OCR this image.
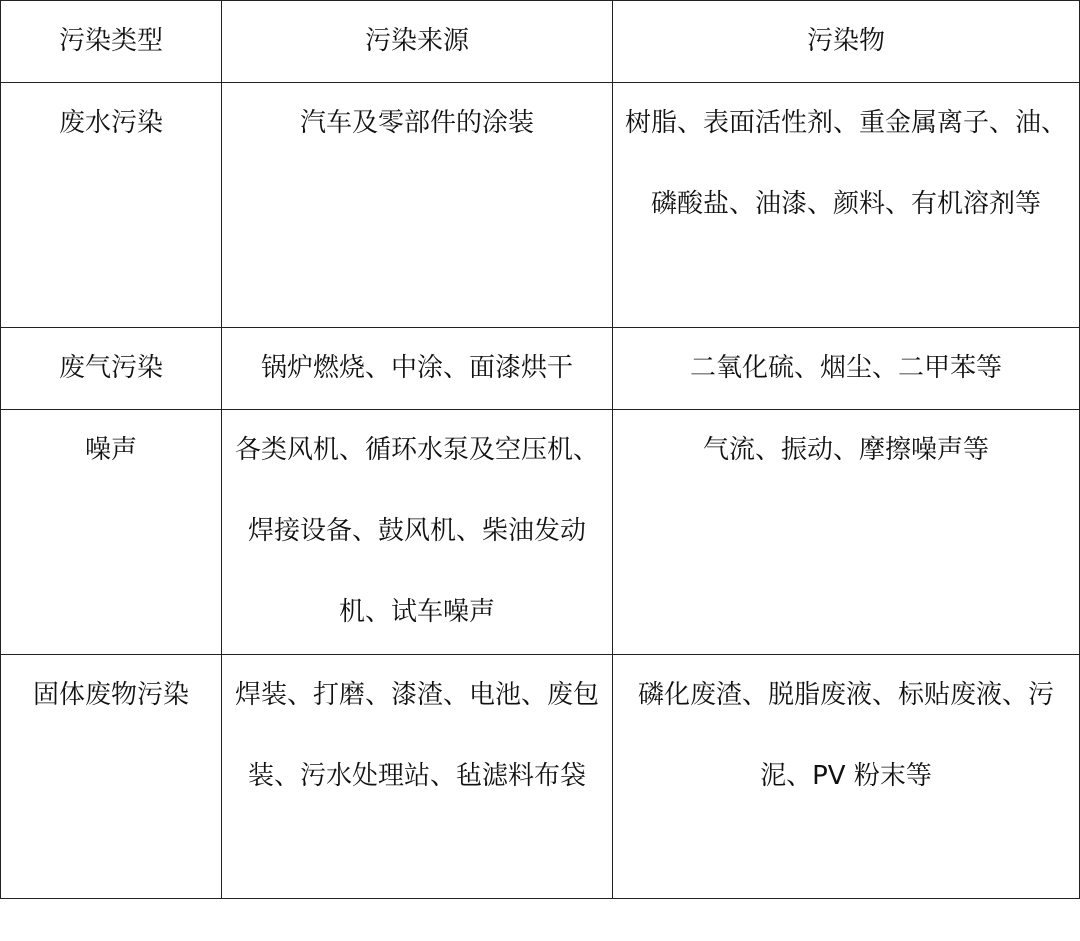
污染类型	污染来源	污染物
废水污染	汽车及零部件的涂装	树脂、表面活性剂、重金属离子、油、磷酸盐、油漆、颜料、有机溶剂等
废气污染	锅炉燃烧、中涂、面漆烘干	二氧化硫、烟尘、二甲苯等
噪声	各类风机、循环水泵及空压机、焊接设备、鼓风机、柴油发动机、试车噪声	气流、振动、摩擦噪声等
固体废物污染	焊装、打磨、漆渣、电池、废包装、污水处理站、毡滤料布袋	磷化废渣、脱脂废液、标贴废液、污泥、PV 粉末等
